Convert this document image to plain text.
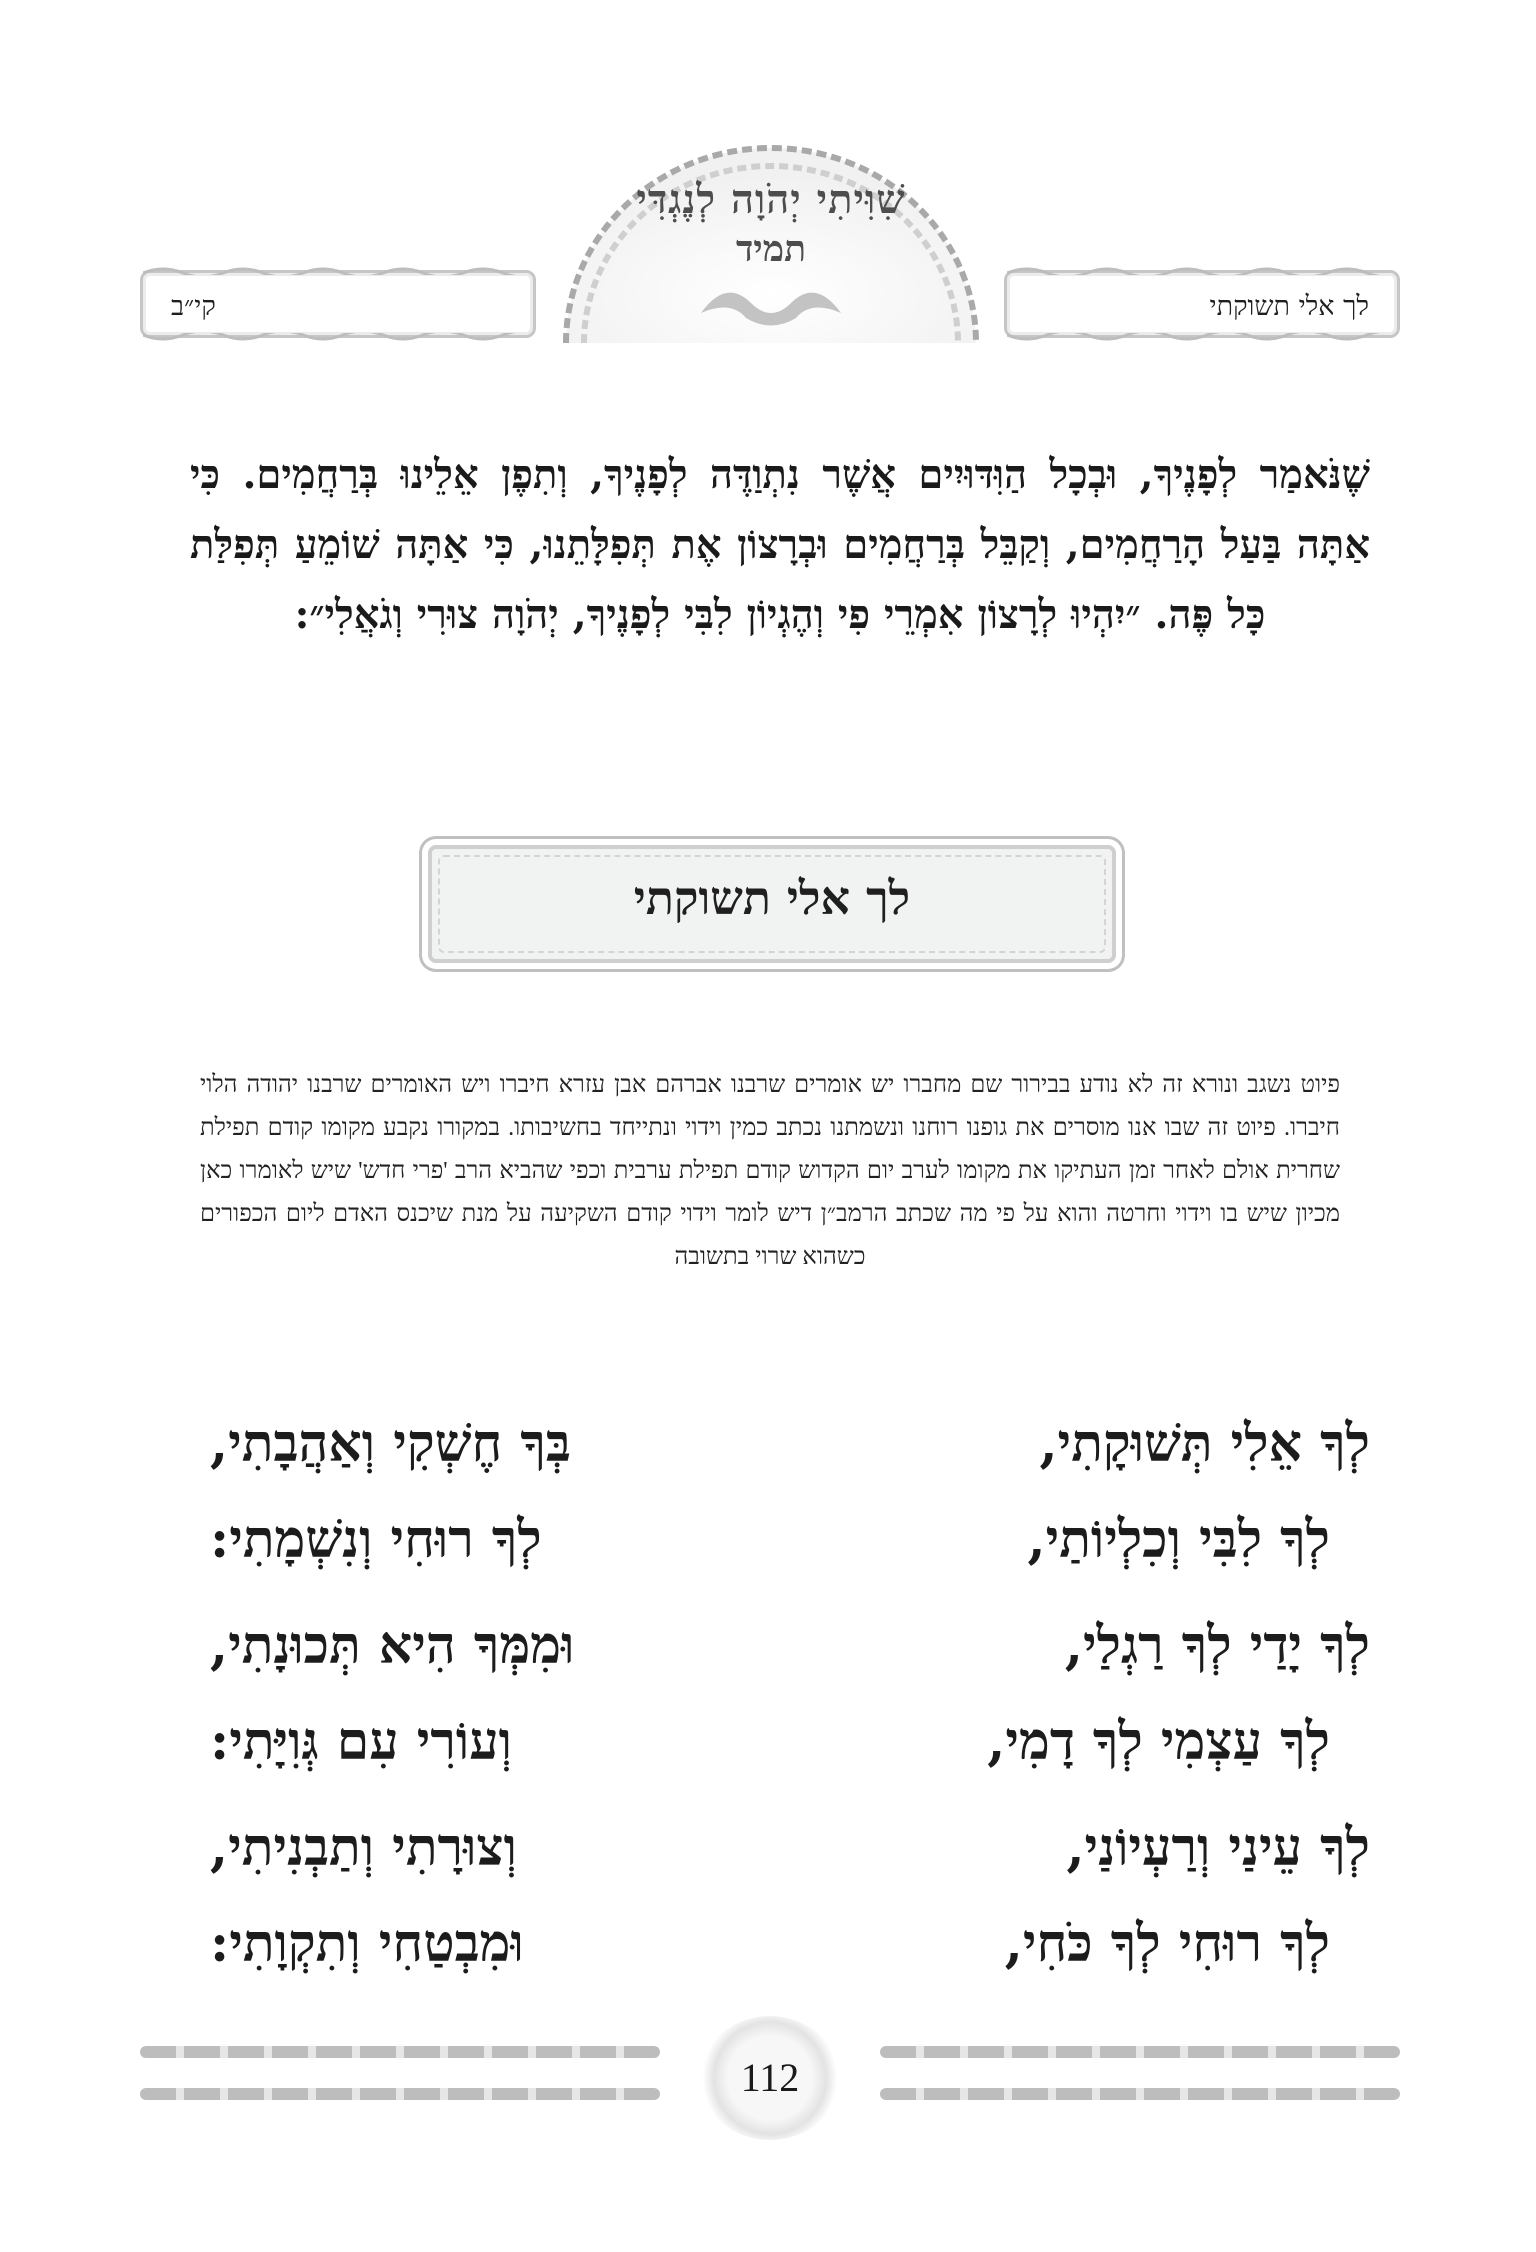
קי״ב	לך אלי תשוקתי
שִׁוִּיתִי יְהֹוָה לְנֶגְדִּי
תמיד

שֶׁנֹּאמַר לְפָנֶיךָ, וּבְכָל הַוִּדּוּיִים אֲשֶׁר נִתְוַדֶּה לְפָנֶיךָ, וְתִפֶן אֵלֵינוּ בְּרַחֲמִים. כִּי אַתָּה בַּעַל הָרַחֲמִים, וְקַבֵּל בְּרַחֲמִים וּבְרָצוֹן אֶת תְּפִלָּתֵנוּ, כִּי אַתָּה שׁוֹמֵעַ תְּפִלַּת כָּל פֶּה. ״יִהְיוּ לְרָצוֹן אִמְרֵי פִי וְהֶגְיוֹן לִבִּי לְפָנֶיךָ, יְהֹוָה צוּרִי וְגֹאֲלִי״:

לך אלי תשוקתי

פיוט נשגב ונורא זה לא נודע בבירור שם מחברו יש אומרים שרבנו אברהם אבן עזרא חיברו ויש האומרים שרבנו יהודה הלוי חיברו. פיוט זה שבו אנו מוסרים את גופנו רוחנו ונשמתנו נכתב כמין וידוי ונתייחד בחשיבותו. במקורו נקבע מקומו קודם תפילת שחרית אולם לאחר זמן העתיקו את מקומו לערב יום הקדוש קודם תפילת ערבית וכפי שהביא הרב 'פרי חדש' שיש לאומרו כאן מכיון שיש בו וידוי וחרטה והוא על פי מה שכתב הרמב״ן דיש לומר וידוי קודם השקיעה על מנת שיכנס האדם ליום הכפורים כשהוא שרוי בתשובה

לְךָ אֵלִי תְּשׁוּקָתִי,
בְּךָ חֶשְׁקִי וְאַהֲבָתִי,
לְךָ לִבִּי וְכִלְיוֹתַי,
לְךָ רוּחִי וְנִשְׁמָתִי:
לְךָ יָדַי לְךָ רַגְלַי,
וּמִמְּךָ הִיא תְּכוּנָתִי,
לְךָ עַצְמִי לְךָ דָמִי,
וְעוֹרִי עִם גְּוִיָּתִי:
לְךָ עֵינַי וְרַעְיוֹנַי,
וְצוּרָתִי וְתַבְנִיתִי,
לְךָ רוּחִי לְךָ כֹּחִי,
וּמִבְטַחִי וְתִקְוָתִי:
112
